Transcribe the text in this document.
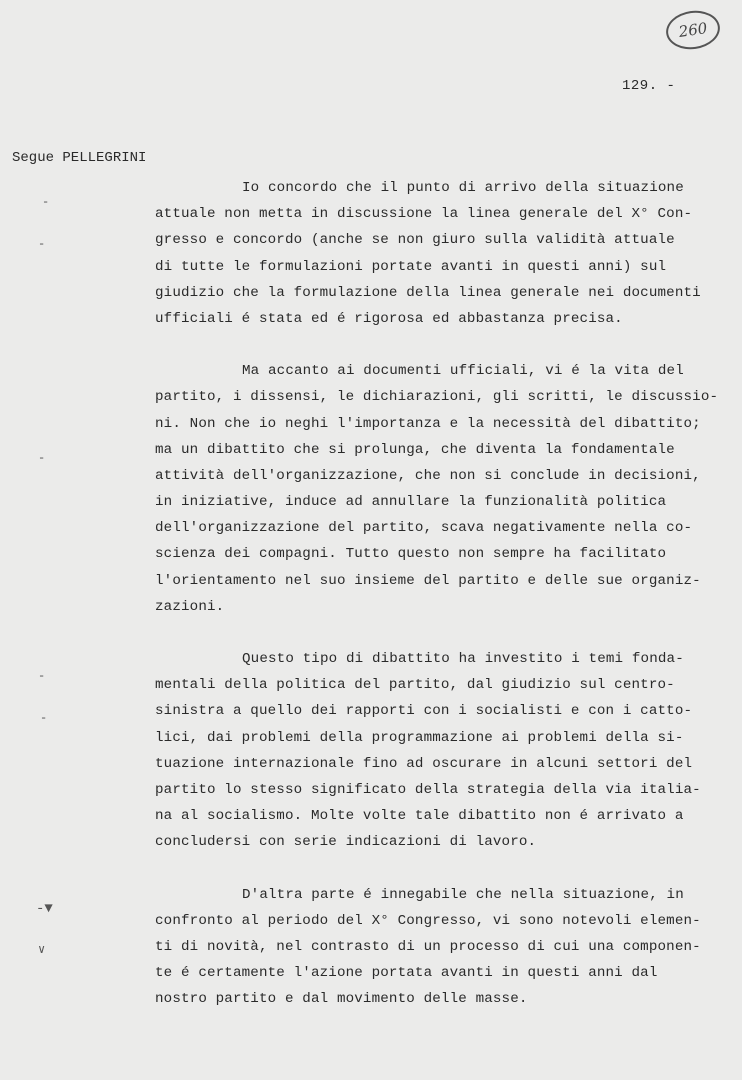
260
129. -
Segue PELLEGRINI
-
-
-
-
-
-▼
∨
Io concordo che il punto di arrivo della situazione
attuale non metta in discussione la linea generale del X° Con-
gresso e concordo (anche se non giuro sulla validità attuale
di tutte le formulazioni portate avanti in questi anni) sul
giudizio che la formulazione della linea generale nei documenti
ufficiali é stata ed é rigorosa ed abbastanza precisa.
Ma accanto ai documenti ufficiali, vi é la vita del
partito, i dissensi, le dichiarazioni, gli scritti, le discussio-
ni. Non che io neghi l'importanza e la necessità del dibattito;
ma un dibattito che si prolunga, che diventa la fondamentale
attività dell'organizzazione, che non si conclude in decisioni,
in iniziative, induce ad annullare la funzionalità politica
dell'organizzazione del partito, scava negativamente nella co-
scienza dei compagni. Tutto questo non sempre ha facilitato
l'orientamento nel suo insieme del partito e delle sue organiz-
zazioni.
Questo tipo di dibattito ha investito i temi fonda-
mentali della politica del partito, dal giudizio sul centro-
sinistra a quello dei rapporti con i socialisti e con i catto-
lici, dai problemi della programmazione ai problemi della si-
tuazione internazionale fino ad oscurare in alcuni settori del
partito lo stesso significato della strategia della via italia-
na al socialismo. Molte volte tale dibattito non é arrivato a
concludersi con serie indicazioni di lavoro.
D'altra parte é innegabile che nella situazione, in
confronto al periodo del X° Congresso, vi sono notevoli elemen-
ti di novità, nel contrasto di un processo di cui una componen-
te é certamente l'azione portata avanti in questi anni dal
nostro partito e dal movimento delle masse.
